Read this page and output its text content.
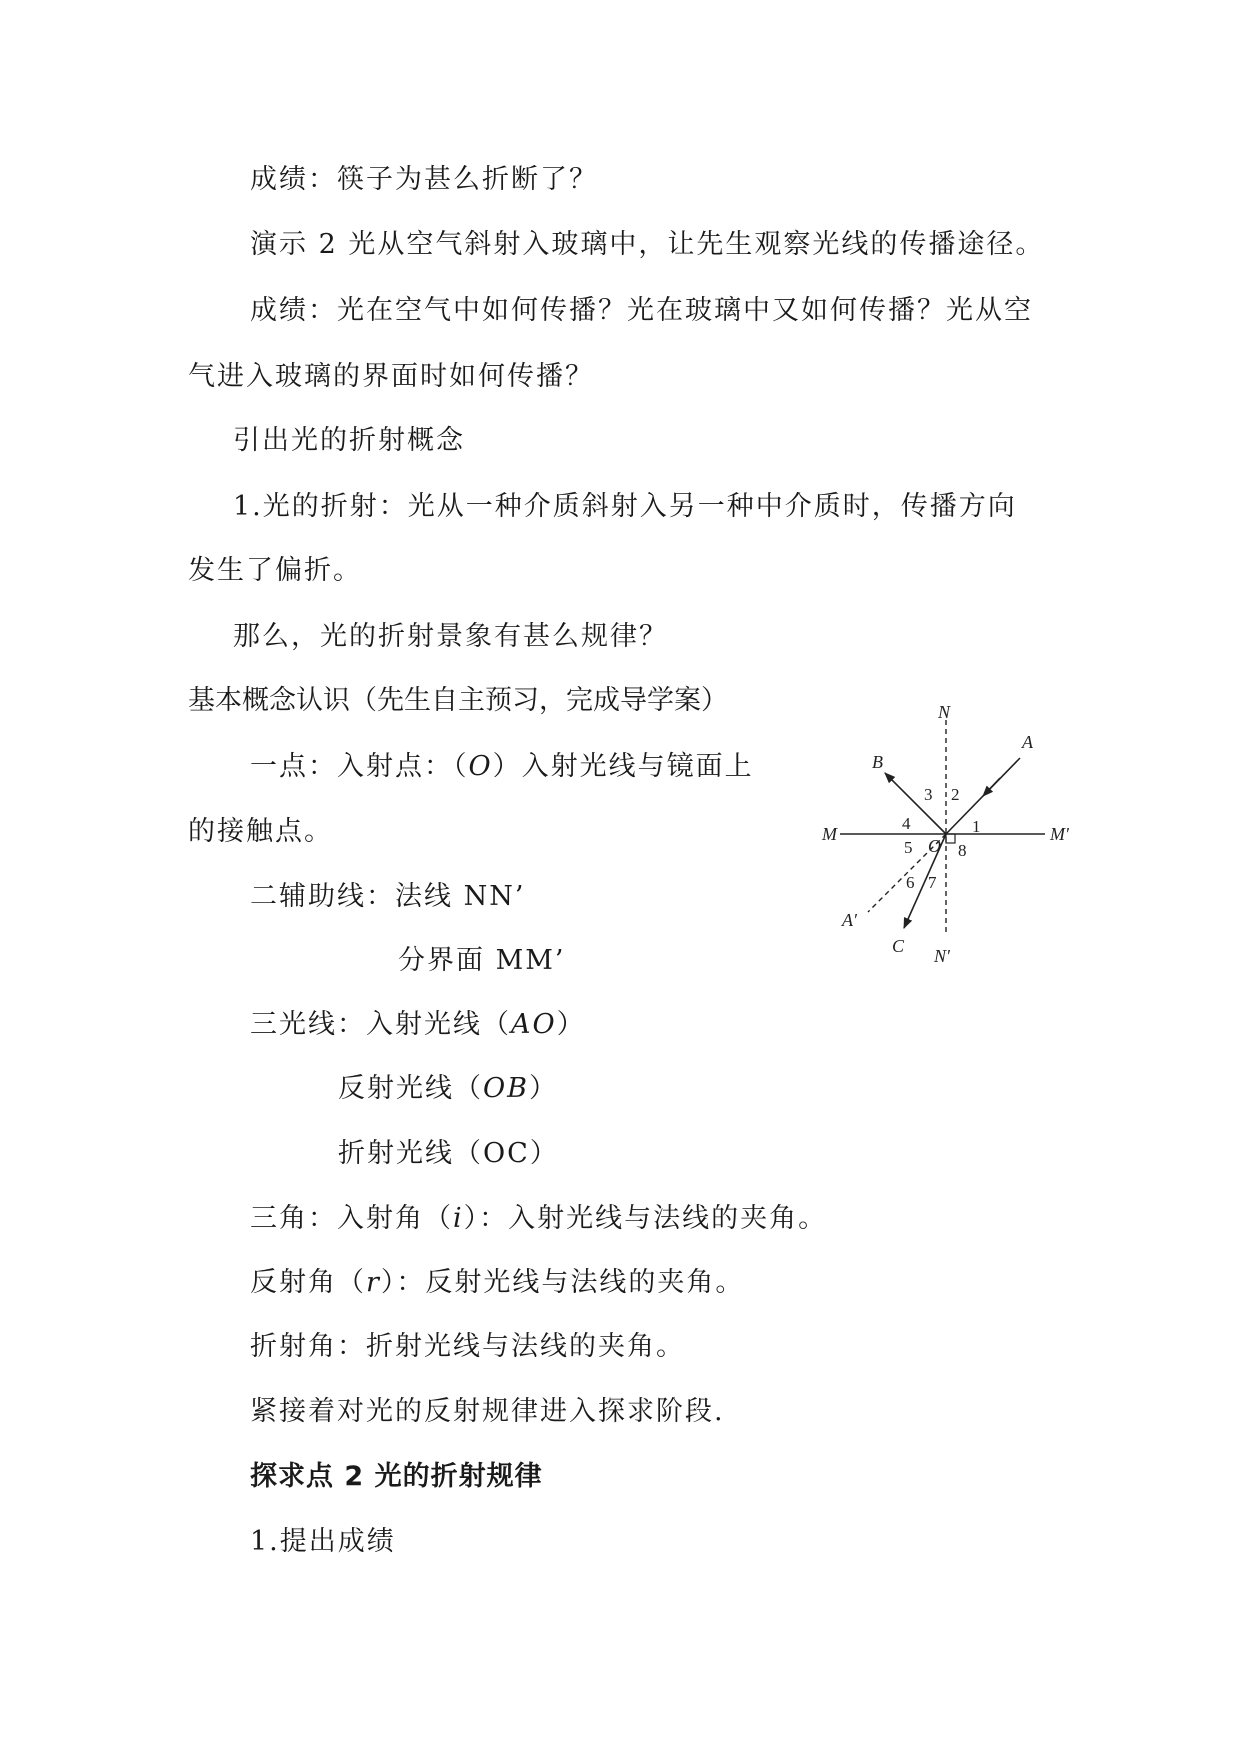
成绩：筷子为甚么折断了？
演示 2 光从空气斜射入玻璃中，让先生观察光线的传播途径。
成绩：光在空气中如何传播？光在玻璃中又如何传播？光从空
气进入玻璃的界面时如何传播？
引出光的折射概念
1.光的折射：光从一种介质斜射入另一种中介质时，传播方向
发生了偏折。
那么，光的折射景象有甚么规律？
基本概念认识（先生自主预习，完成导学案）
一点：入射点：（O）入射光线与镜面上
的接触点。
二辅助线：法线 NN’
分界面 MM’
三光线：入射光线（AO）
反射光线（OB）
折射光线（OC）
三角：入射角（i）：入射光线与法线的夹角。
反射角（r）：反射光线与法线的夹角。
折射角：折射光线与法线的夹角。
紧接着对光的反射规律进入探求阶段.
探求点 2 光的折射规律
1.提出成绩
N
N′
M	M′
A
A′
B
C
O
1
2
3
4
5
6 7
8
